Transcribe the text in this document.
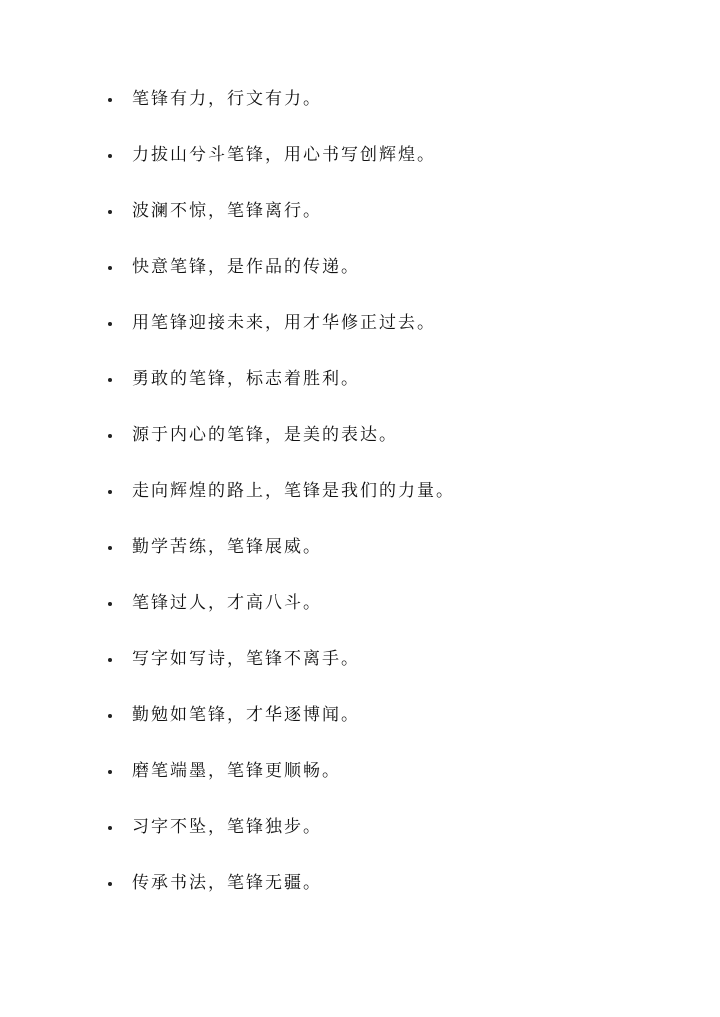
笔锋有力，行文有力。
力拔山兮斗笔锋，用心书写创辉煌。
波澜不惊，笔锋离行。
快意笔锋，是作品的传递。
用笔锋迎接未来，用才华修正过去。
勇敢的笔锋，标志着胜利。
源于内心的笔锋，是美的表达。
走向辉煌的路上，笔锋是我们的力量。
勤学苦练，笔锋展威。
笔锋过人，才高八斗。
写字如写诗，笔锋不离手。
勤勉如笔锋，才华逐博闻。
磨笔端墨，笔锋更顺畅。
习字不坠，笔锋独步。
传承书法，笔锋无疆。
